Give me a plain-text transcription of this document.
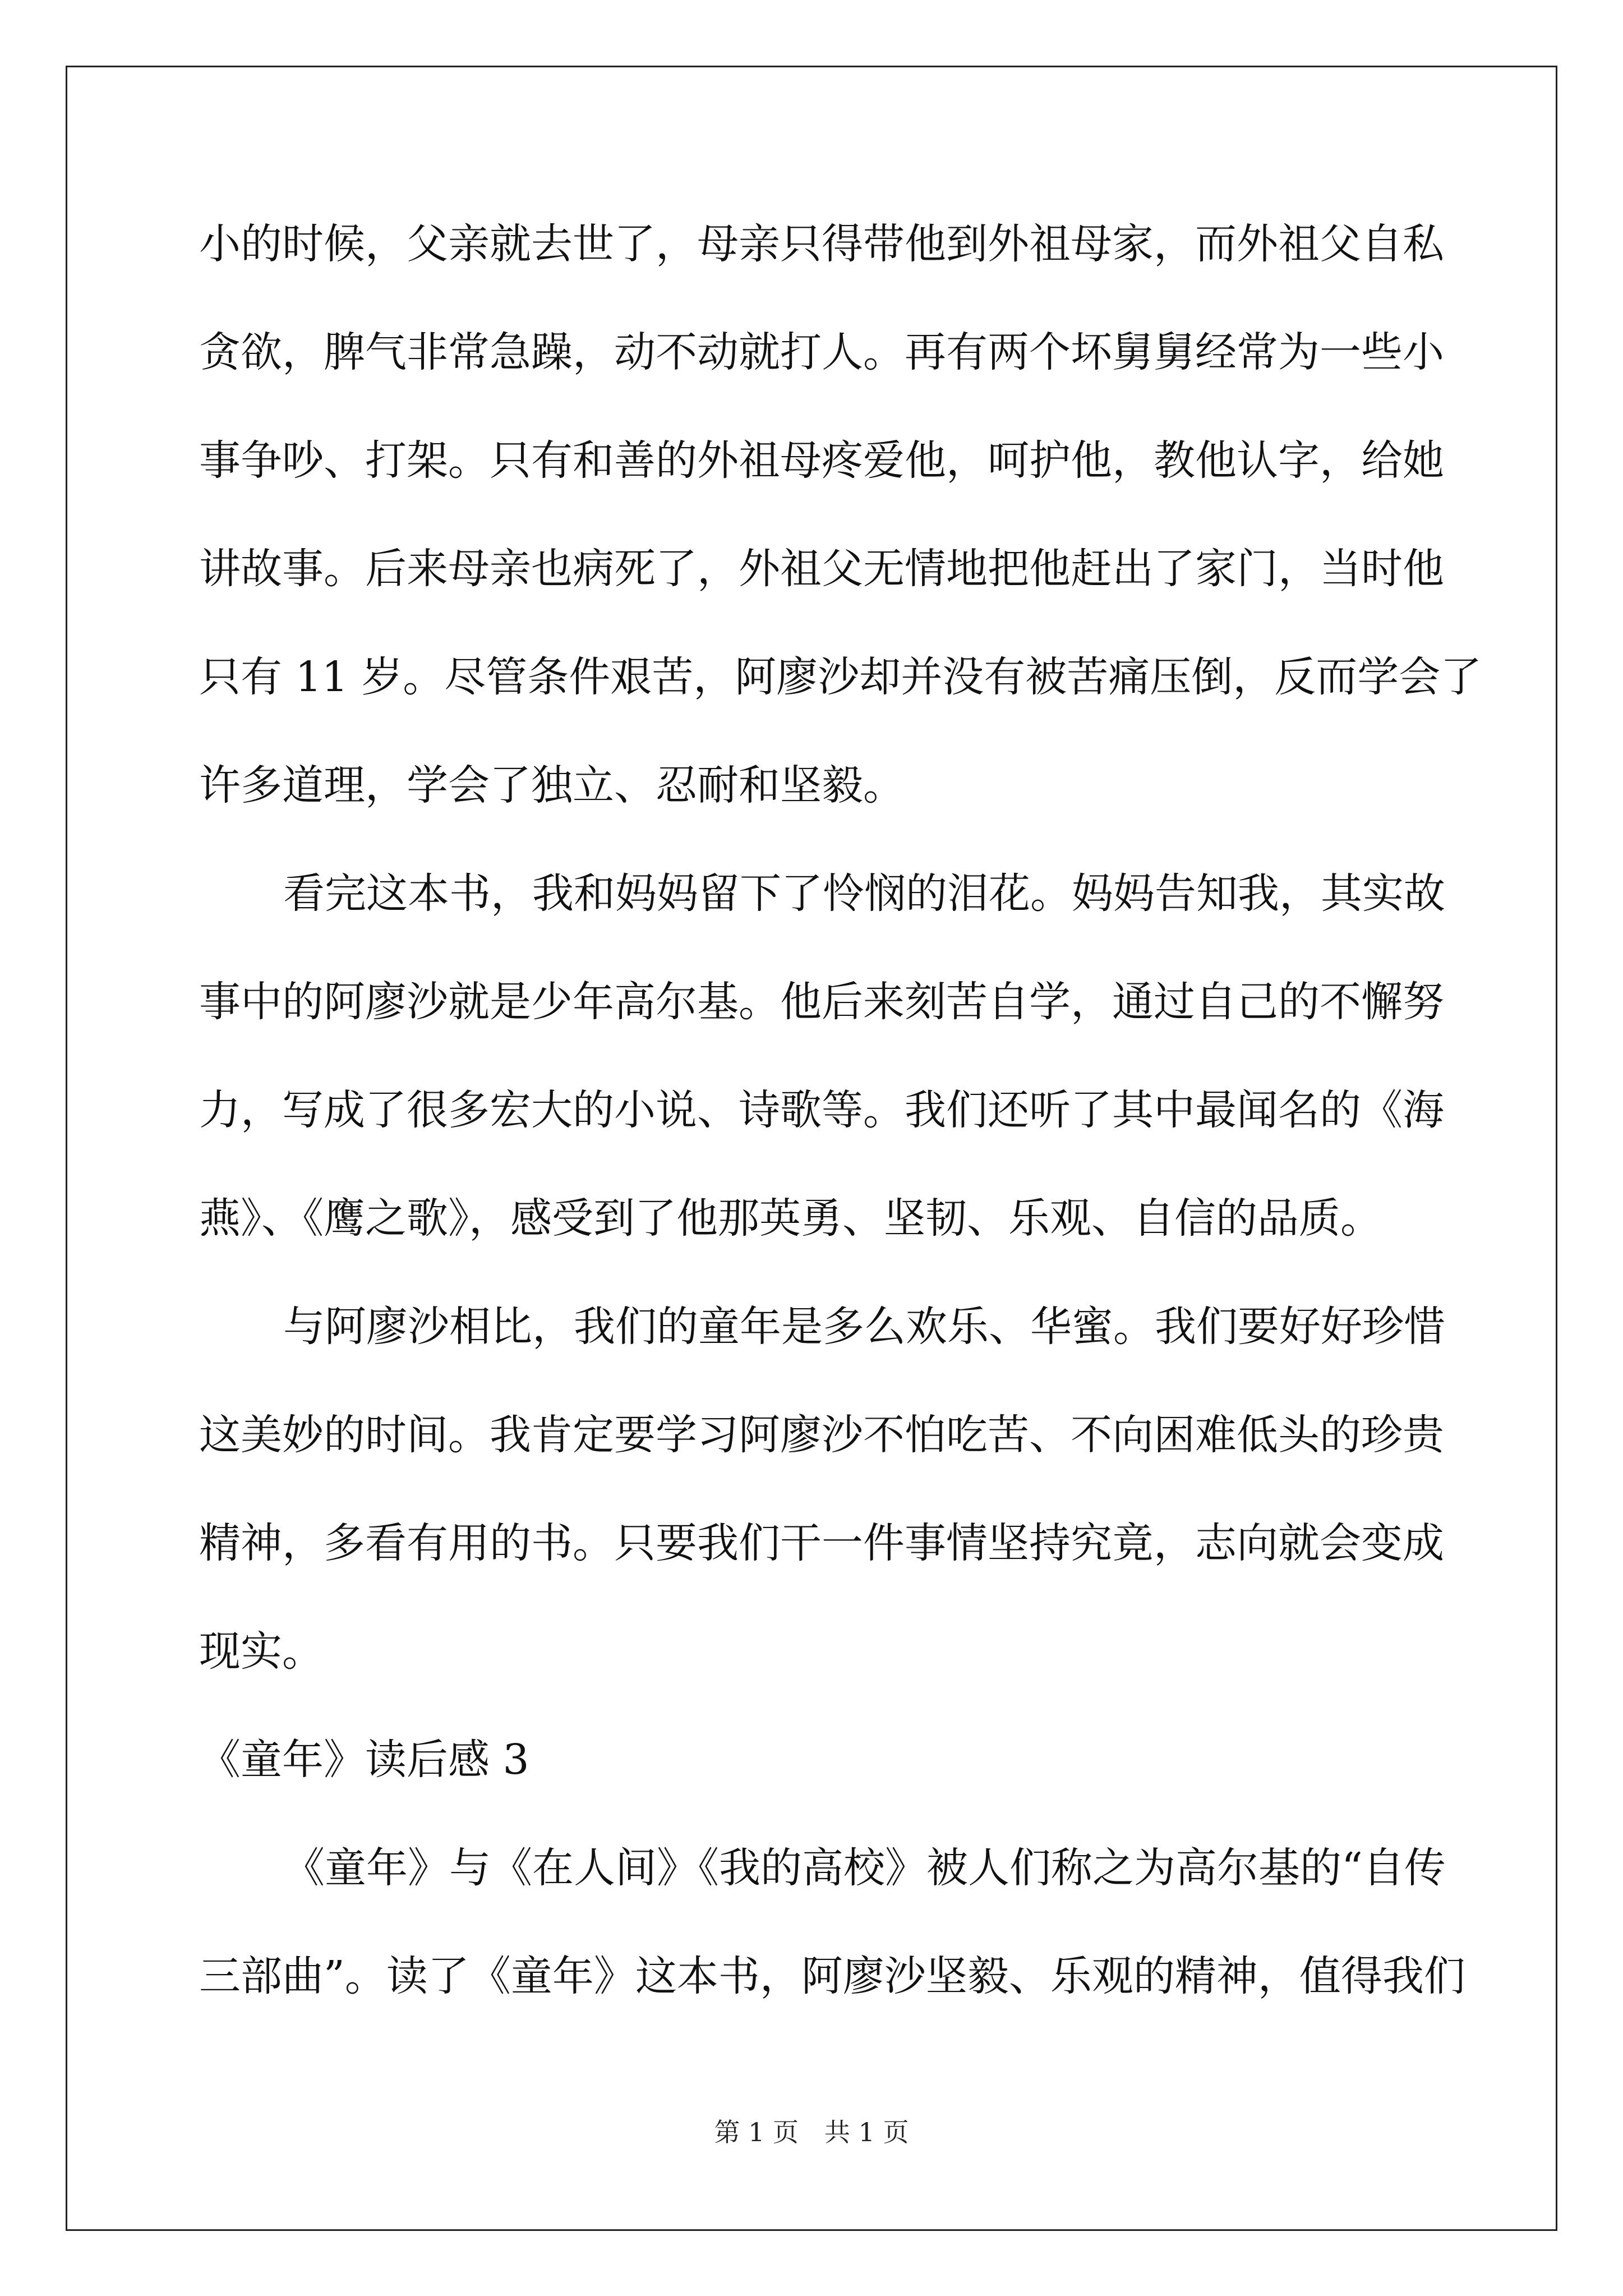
小的时候，父亲就去世了，母亲只得带他到外祖母家，而外祖父自私
贪欲，脾气非常急躁，动不动就打人。再有两个坏舅舅经常为一些小
事争吵、打架。只有和善的外祖母疼爱他，呵护他，教他认字，给她
讲故事。后来母亲也病死了，外祖父无情地把他赶出了家门，当时他
只有 11 岁。尽管条件艰苦，阿廖沙却并没有被苦痛压倒，反而学会了
许多道理，学会了独立、忍耐和坚毅。
看完这本书，我和妈妈留下了怜悯的泪花。妈妈告知我，其实故
事中的阿廖沙就是少年高尔基。他后来刻苦自学，通过自己的不懈努
力，写成了很多宏大的小说、诗歌等。我们还听了其中最闻名的《海
燕》、《鹰之歌》，感受到了他那英勇、坚韧、乐观、自信的品质。
与阿廖沙相比，我们的童年是多么欢乐、华蜜。我们要好好珍惜
这美妙的时间。我肯定要学习阿廖沙不怕吃苦、不向困难低头的珍贵
精神，多看有用的书。只要我们干一件事情坚持究竟，志向就会变成
现实。
《童年》读后感 3
《童年》与《在人间》《我的高校》被人们称之为高尔基的“自传
三部曲”。读了《童年》这本书，阿廖沙坚毅、乐观的精神，值得我们
第 1 页　共 1 页
